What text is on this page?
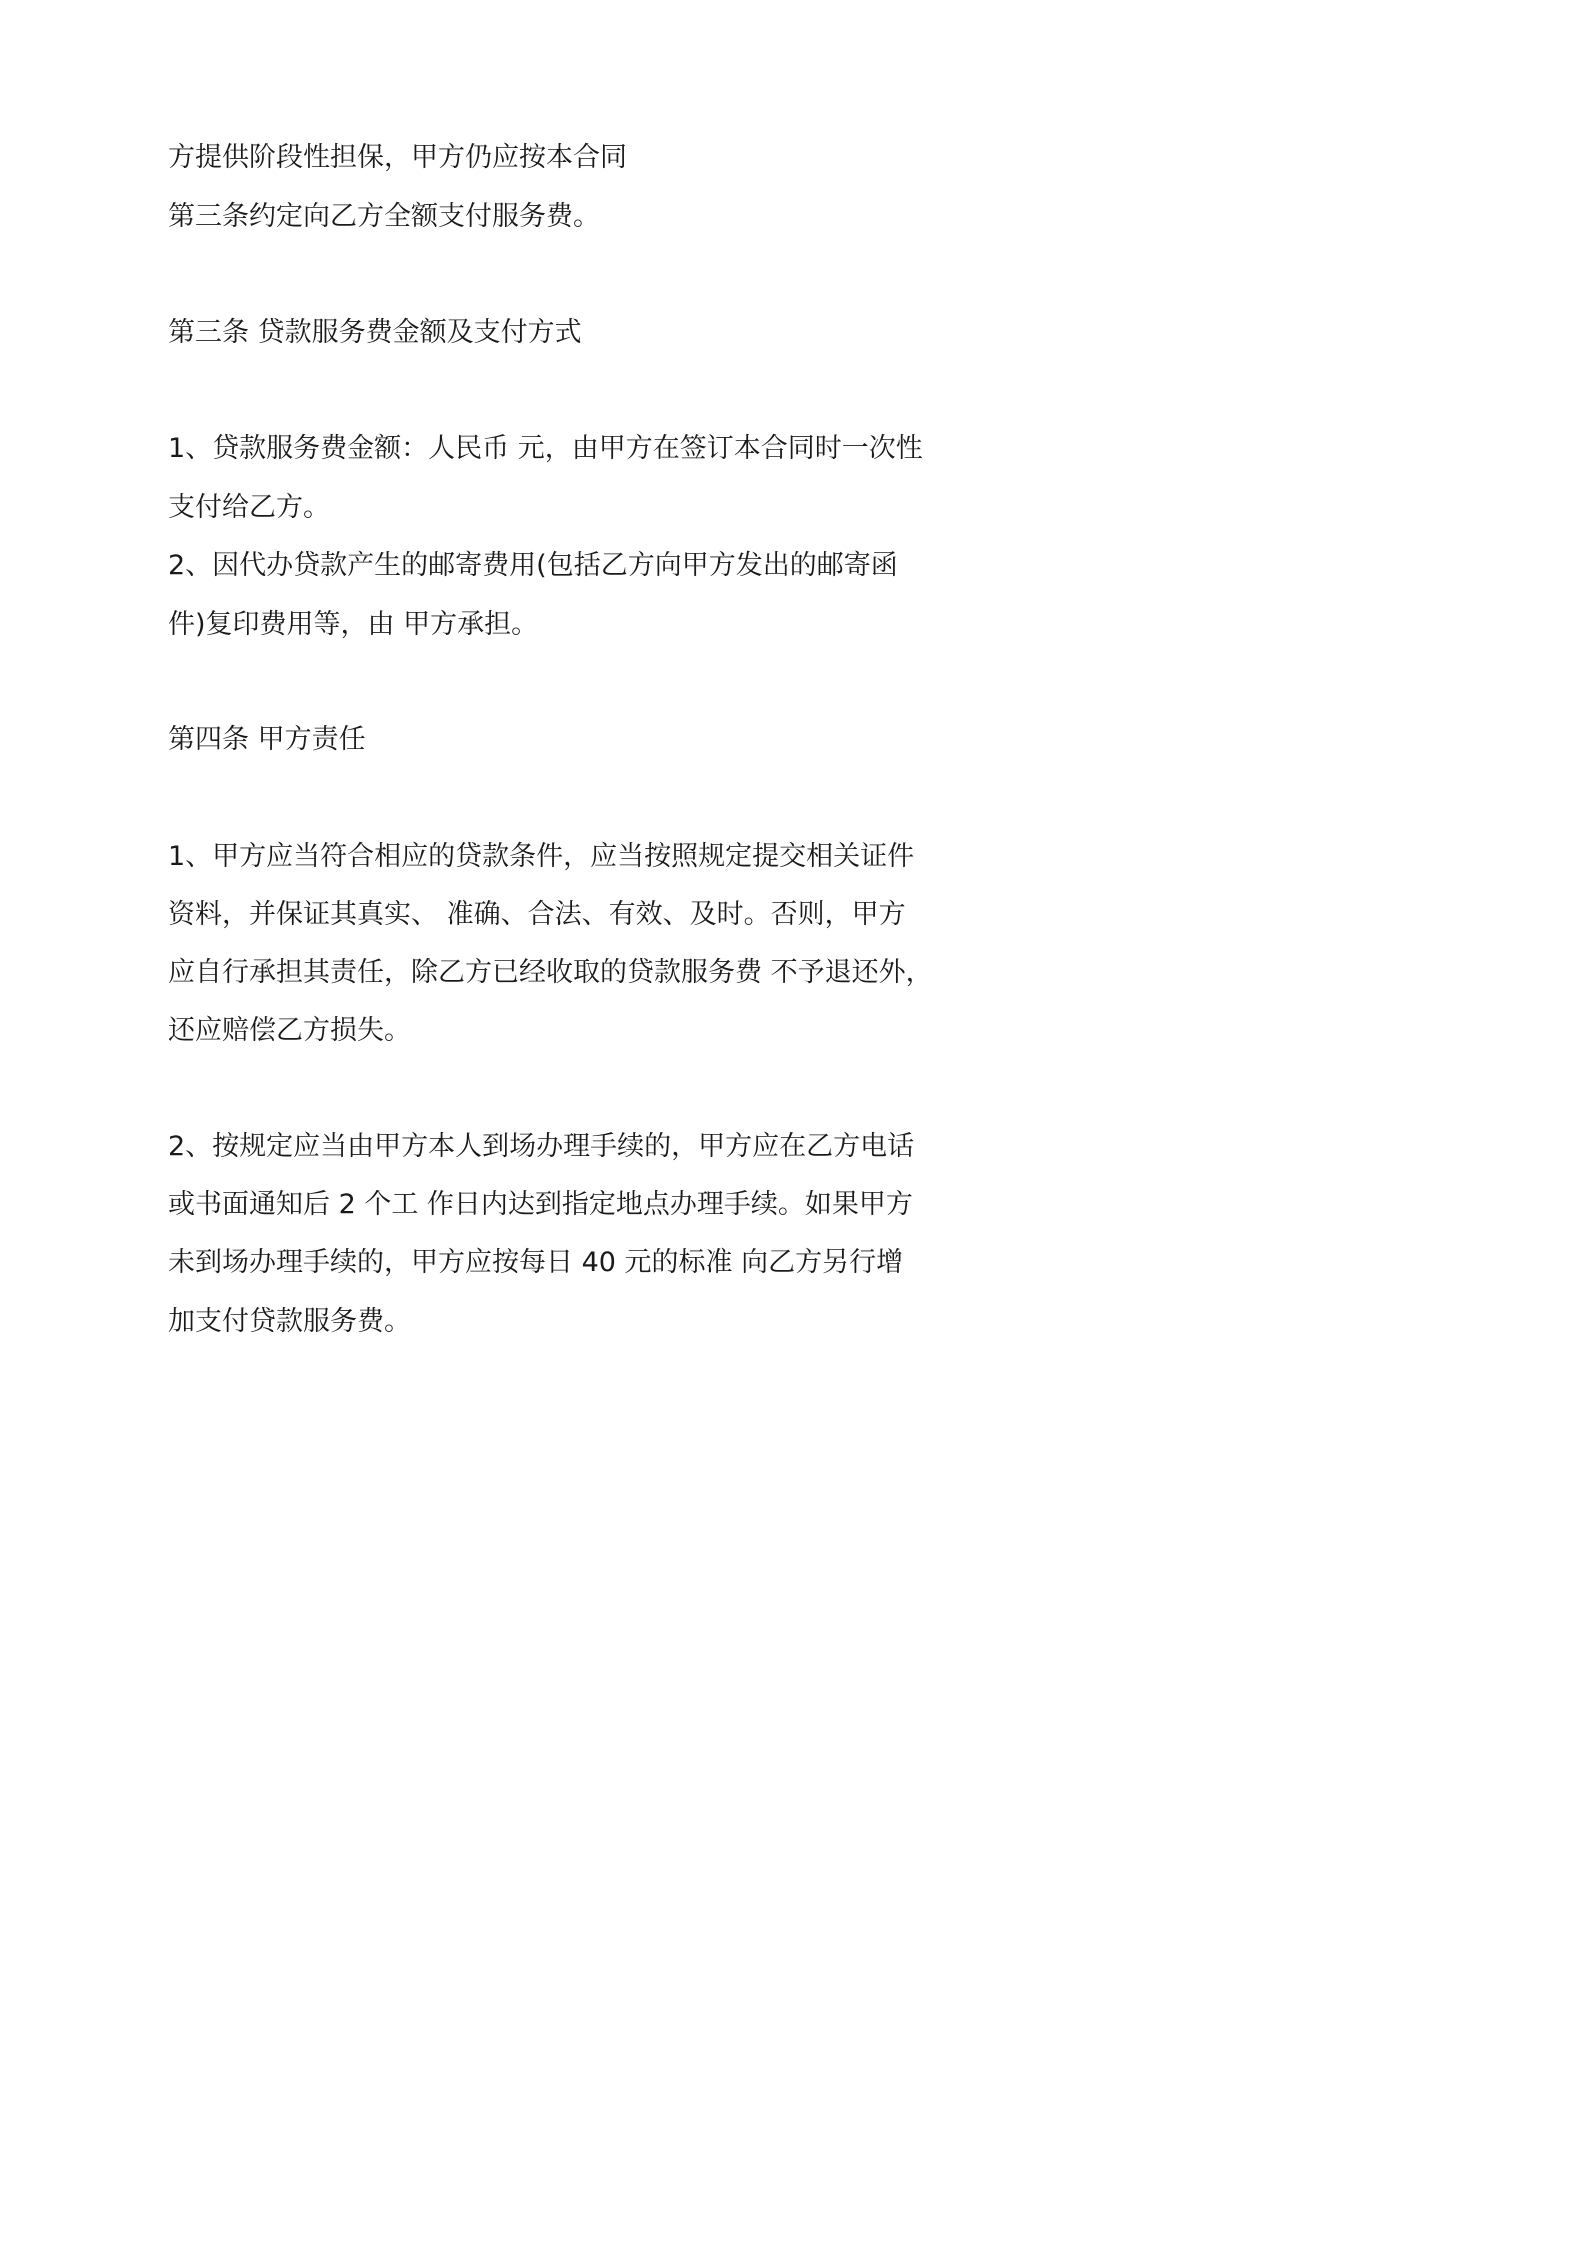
方提供阶段性担保，甲方仍应按本合同
第三条约定向乙方全额支付服务费。
第三条 贷款服务费金额及支付方式
1、贷款服务费金额：人民币 元，由甲方在签订本合同时一次性
支付给乙方。
2、因代办贷款产生的邮寄费用(包括乙方向甲方发出的邮寄函
件)复印费用等，由 甲方承担。
第四条 甲方责任
1、甲方应当符合相应的贷款条件，应当按照规定提交相关证件
资料，并保证其真实、 准确、合法、有效、及时。否则，甲方
应自行承担其责任，除乙方已经收取的贷款服务费 不予退还外，
还应赔偿乙方损失。
2、按规定应当由甲方本人到场办理手续的，甲方应在乙方电话
或书面通知后 2 个工 作日内达到指定地点办理手续。如果甲方
未到场办理手续的，甲方应按每日 40 元的标准 向乙方另行增
加支付贷款服务费。
